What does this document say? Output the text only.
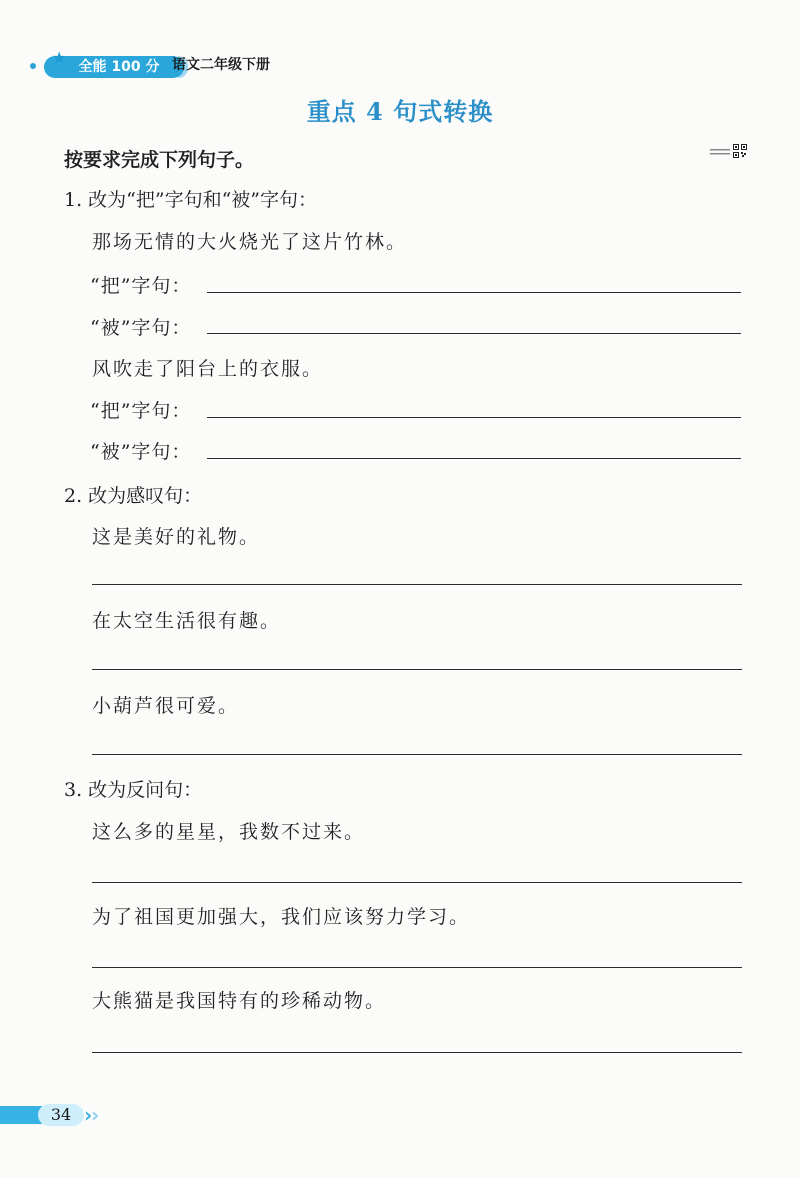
全能 100 分
★	语文二年级下册
重点 4 句式转换
按要求完成下列句子。
1. 改为“把”字句和“被”字句：
那场无情的大火烧光了这片竹林。
“把”字句：
“被”字句：
风吹走了阳台上的衣服。
“把”字句：
“被”字句：
2. 改为感叹句：
这是美好的礼物。
在太空生活很有趣。
小葫芦很可爱。
3. 改为反问句：
这么多的星星，我数不过来。
为了祖国更加强大，我们应该努力学习。
大熊猫是我国特有的珍稀动物。
34 ›
›
